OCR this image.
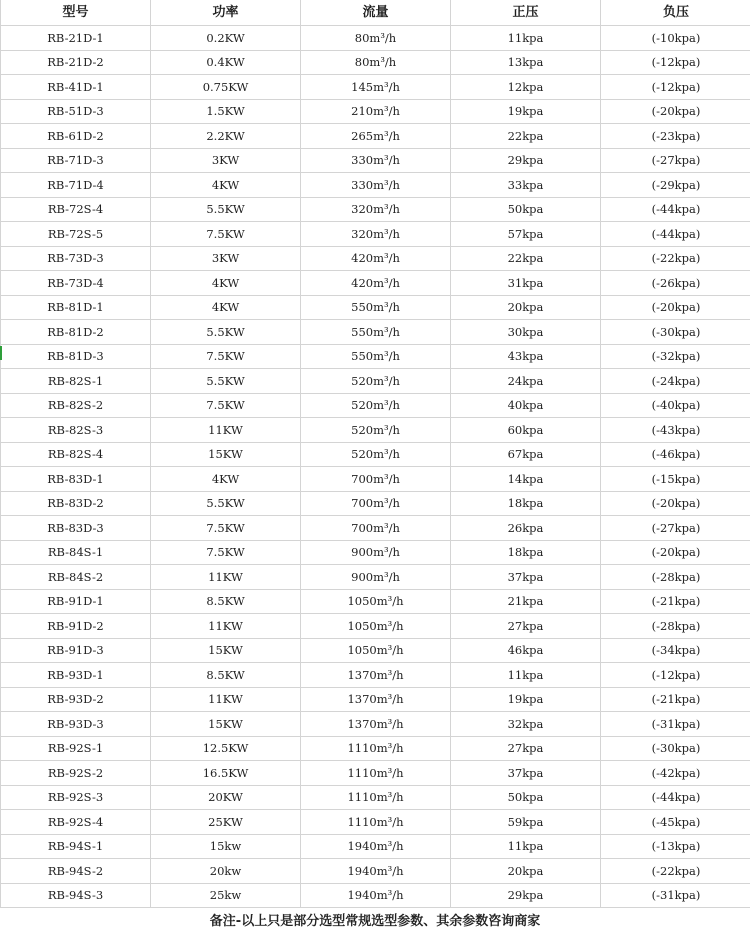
型号	功率	流量	正压	负压
RB-21D-1	0.2KW	80m³/h	11kpa	(-10kpa)
RB-21D-2	0.4KW	80m³/h	13kpa	(-12kpa)
RB-41D-1	0.75KW	145m³/h	12kpa	(-12kpa)
RB-51D-3	1.5KW	210m³/h	19kpa	(-20kpa)
RB-61D-2	2.2KW	265m³/h	22kpa	(-23kpa)
RB-71D-3	3KW	330m³/h	29kpa	(-27kpa)
RB-71D-4	4KW	330m³/h	33kpa	(-29kpa)
RB-72S-4	5.5KW	320m³/h	50kpa	(-44kpa)
RB-72S-5	7.5KW	320m³/h	57kpa	(-44kpa)
RB-73D-3	3KW	420m³/h	22kpa	(-22kpa)
RB-73D-4	4KW	420m³/h	31kpa	(-26kpa)
RB-81D-1	4KW	550m³/h	20kpa	(-20kpa)
RB-81D-2	5.5KW	550m³/h	30kpa	(-30kpa)
RB-81D-3	7.5KW	550m³/h	43kpa	(-32kpa)
RB-82S-1	5.5KW	520m³/h	24kpa	(-24kpa)
RB-82S-2	7.5KW	520m³/h	40kpa	(-40kpa)
RB-82S-3	11KW	520m³/h	60kpa	(-43kpa)
RB-82S-4	15KW	520m³/h	67kpa	(-46kpa)
RB-83D-1	4KW	700m³/h	14kpa	(-15kpa)
RB-83D-2	5.5KW	700m³/h	18kpa	(-20kpa)
RB-83D-3	7.5KW	700m³/h	26kpa	(-27kpa)
RB-84S-1	7.5KW	900m³/h	18kpa	(-20kpa)
RB-84S-2	11KW	900m³/h	37kpa	(-28kpa)
RB-91D-1	8.5KW	1050m³/h	21kpa	(-21kpa)
RB-91D-2	11KW	1050m³/h	27kpa	(-28kpa)
RB-91D-3	15KW	1050m³/h	46kpa	(-34kpa)
RB-93D-1	8.5KW	1370m³/h	11kpa	(-12kpa)
RB-93D-2	11KW	1370m³/h	19kpa	(-21kpa)
RB-93D-3	15KW	1370m³/h	32kpa	(-31kpa)
RB-92S-1	12.5KW	1110m³/h	27kpa	(-30kpa)
RB-92S-2	16.5KW	1110m³/h	37kpa	(-42kpa)
RB-92S-3	20KW	1110m³/h	50kpa	(-44kpa)
RB-92S-4	25KW	1110m³/h	59kpa	(-45kpa)
RB-94S-1	15kw	1940m³/h	11kpa	(-13kpa)
RB-94S-2	20kw	1940m³/h	20kpa	(-22kpa)
RB-94S-3	25kw	1940m³/h	29kpa	(-31kpa)
备注-以上只是部分选型常规选型参数、其余参数咨询商家
